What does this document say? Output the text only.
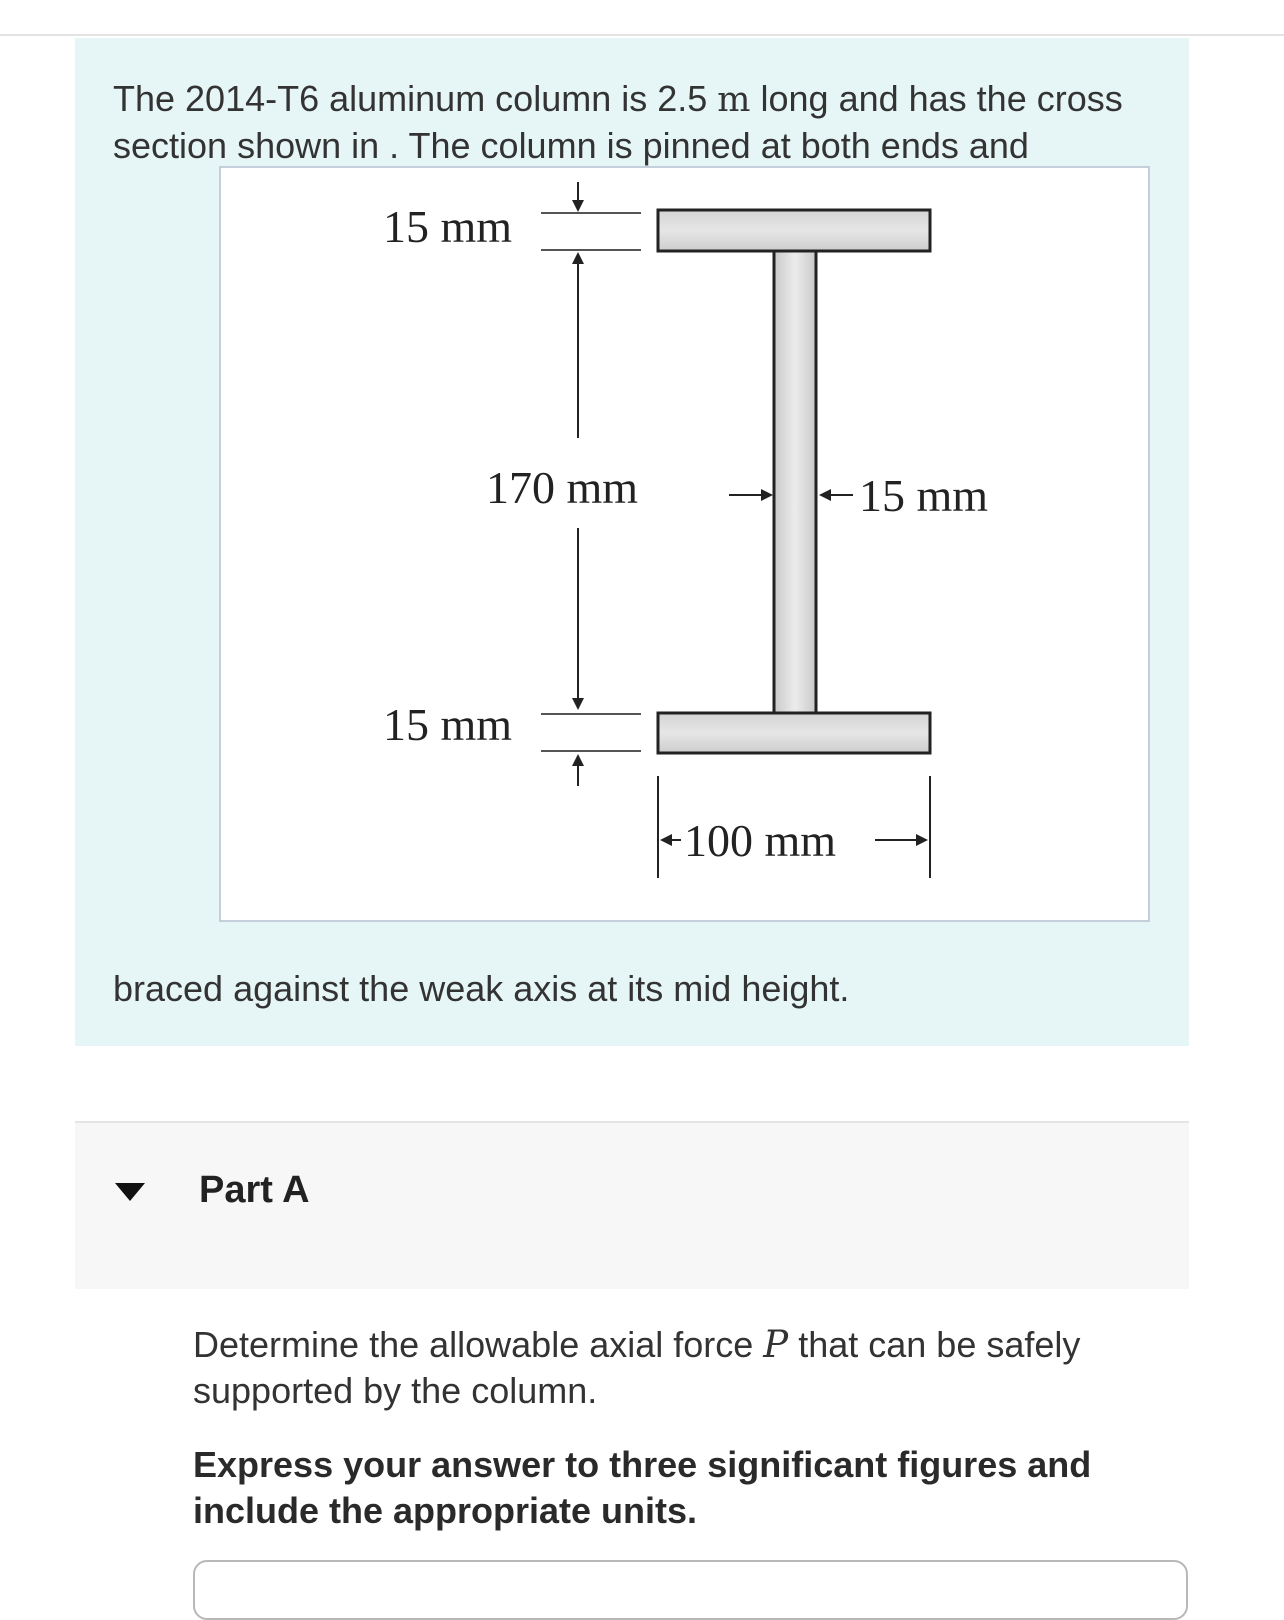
The 2014-T6 aluminum column is 2.5 m long and has the cross section shown in . The column is pinned at both ends and
15 mm
170 mm	15 mm
15 mm
100 mm
braced against the weak axis at its mid height.
Part A
Determine the allowable axial force P that can be safely supported by the column.
Express your answer to three significant figures and include the appropriate units.
